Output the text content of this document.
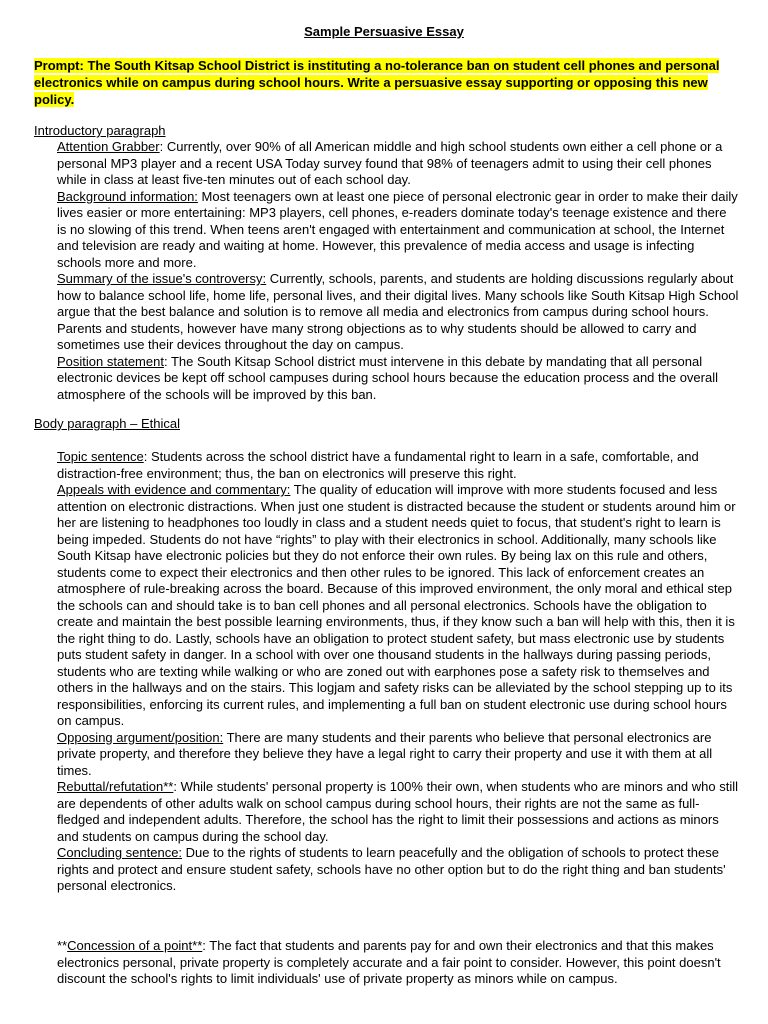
Sample Persuasive Essay
Prompt: The South Kitsap School District is instituting a no-tolerance ban on student cell phones and personal electronics while on campus during school hours. Write a persuasive essay supporting or opposing this new policy.
Introductory paragraph

Attention Grabber: Currently, over 90% of all American middle and high school students own either a cell phone or a personal MP3 player and a recent USA Today survey found that 98% of teenagers admit to using their cell phones while in class at least five-ten minutes out of each school day.

Background information: Most teenagers own at least one piece of personal electronic gear in order to make their daily lives easier or more entertaining: MP3 players, cell phones, e-readers dominate today's teenage existence and there is no slowing of this trend. When teens aren't engaged with entertainment and communication at school, the Internet and television are ready and waiting at home. However, this prevalence of media access and usage is infecting schools more and more.

Summary of the issue's controversy: Currently, schools, parents, and students are holding discussions regularly about how to balance school life, home life, personal lives, and their digital lives. Many schools like South Kitsap High School argue that the best balance and solution is to remove all media and electronics from campus during school hours. Parents and students, however have many strong objections as to why students should be allowed to carry and sometimes use their devices throughout the day on campus.

Position statement: The South Kitsap School district must intervene in this debate by mandating that all personal electronic devices be kept off school campuses during school hours because the education process and the overall atmosphere of the schools will be improved by this ban.

Body paragraph – Ethical

Topic sentence: Students across the school district have a fundamental right to learn in a safe, comfortable, and distraction-free environment; thus, the ban on electronics will preserve this right.

Appeals with evidence and commentary: The quality of education will improve with more students focused and less attention on electronic distractions. When just one student is distracted because the student or students around him or her are listening to headphones too loudly in class and a student needs quiet to focus, that student's right to learn is being impeded. Students do not have “rights” to play with their electronics in school. Additionally, many schools like South Kitsap have electronic policies but they do not enforce their own rules. By being lax on this rule and others, students come to expect their electronics and then other rules to be ignored. This lack of enforcement creates an atmosphere of rule-breaking across the board. Because of this improved environment, the only moral and ethical step the schools can and should take is to ban cell phones and all personal electronics. Schools have the obligation to create and maintain the best possible learning environments, thus, if they know such a ban will help with this, then it is the right thing to do. Lastly, schools have an obligation to protect student safety, but mass electronic use by students puts student safety in danger. In a school with over one thousand students in the hallways during passing periods, students who are texting while walking or who are zoned out with earphones pose a safety risk to themselves and others in the hallways and on the stairs. This logjam and safety risks can be alleviated by the school stepping up to its responsibilities, enforcing its current rules, and implementing a full ban on student electronic use during school hours on campus.

Opposing argument/position: There are many students and their parents who believe that personal electronics are private property, and therefore they believe they have a legal right to carry their property and use it with them at all times.

Rebuttal/refutation**: While students' personal property is 100% their own, when students who are minors and who still are dependents of other adults walk on school campus during school hours, their rights are not the same as full-fledged and independent adults. Therefore, the school has the right to limit their possessions and actions as minors and students on campus during the school day.

Concluding sentence: Due to the rights of students to learn peacefully and the obligation of schools to protect these rights and protect and ensure student safety, schools have no other option but to do the right thing and ban students' personal electronics.

**Concession of a point**: The fact that students and parents pay for and own their electronics and that this makes electronics personal, private property is completely accurate and a fair point to consider. However, this point doesn't discount the school's rights to limit individuals' use of private property as minors while on campus.
